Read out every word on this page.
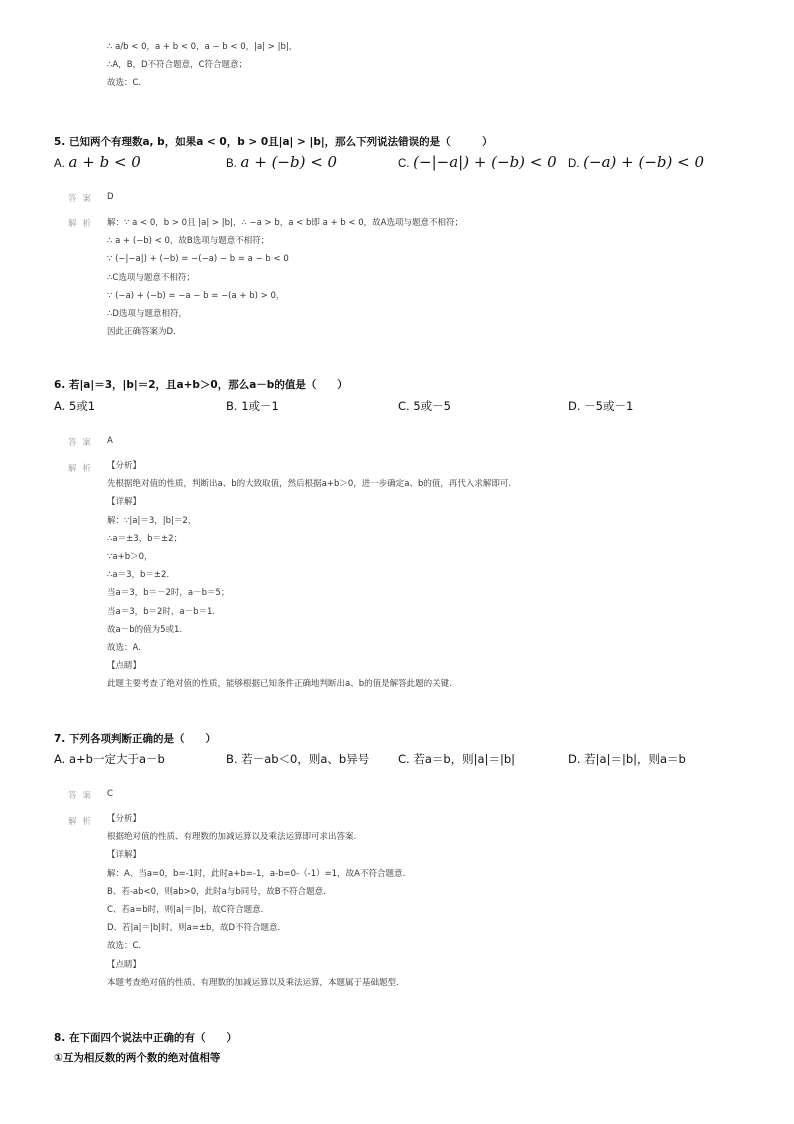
∴ a/b < 0，a + b < 0，a − b < 0，|a| > |b|，
∴A，B，D不符合题意，C符合题意；
故选：C.
5. 已知两个有理数a, b，如果a < 0，b > 0且|a| > |b|，那么下列说法错误的是（　　　）
A. a + b < 0	B. a + (−b) < 0	C. (−|−a|) + (−b) < 0 D. (−a) + (−b) < 0
答案 D
解析 解：∵ a < 0，b > 0且 |a| > |b|，∴ −a > b，a < b即 a + b < 0，故A选项与题意不相符；
∴ a + (−b) < 0，故B选项与题意不相符；
∵ (−|−a|) + (−b) = −(−a) − b = a − b < 0
∴C选项与题意不相符；
∵ (−a) + (−b) = −a − b = −(a + b) > 0，
∴D选项与题意相符，
因此正确答案为D.
6. 若|a|＝3，|b|＝2，且a+b＞0，那么a－b的值是（　　）
A. 5或1	B. 1或－1	C. 5或－5	D. －5或－1
答案 A
解析 【分析】
先根据绝对值的性质，判断出a、b的大致取值，然后根据a+b＞0，进一步确定a、b的值，再代入求解即可.
【详解】
解：∵|a|＝3，|b|＝2，
∴a＝±3，b＝±2；
∵a+b＞0，
∴a＝3，b＝±2.
当a＝3，b＝－2时，a－b＝5；
当a＝3，b＝2时，a－b＝1.
故a－b的值为5或1.
故选：A.
【点睛】
此题主要考查了绝对值的性质，能够根据已知条件正确地判断出a、b的值是解答此题的关键.
7. 下列各项判断正确的是（　　）
A. a+b一定大于a－b	B. 若－ab＜0，则a、b异号	C. 若a＝b，则|a|＝|b|	D. 若|a|＝|b|，则a＝b
答案 C
解析 【分析】
根据绝对值的性质、有理数的加减运算以及乘法运算即可求出答案.
【详解】
解：A、当a=0，b=-1时，此时a+b=-1，a-b=0-（-1）=1，故A不符合题意.
B、若-ab<0，则ab>0，此时a与b同号，故B不符合题意.
C、若a=b时，则|a|＝|b|，故C符合题意.
D、若|a|＝|b|时，则a=±b，故D不符合题意.
故选：C.
【点睛】
本题考查绝对值的性质、有理数的加减运算以及乘法运算，本题属于基础题型.
8. 在下面四个说法中正确的有（　　）
①互为相反数的两个数的绝对值相等
